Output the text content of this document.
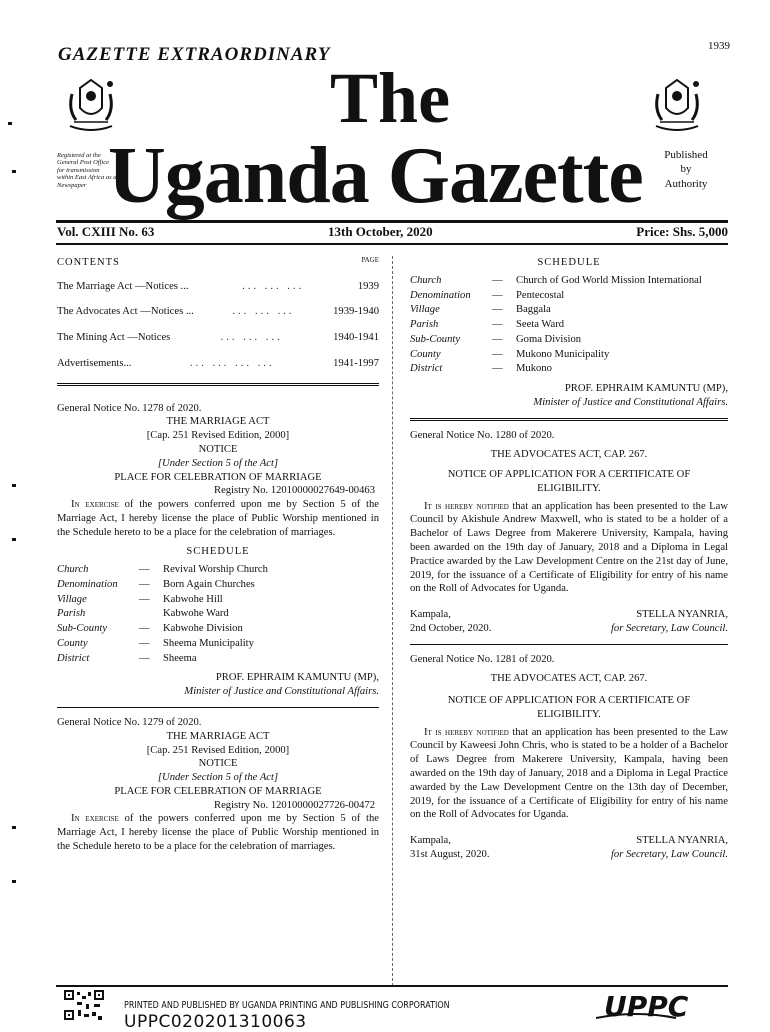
GAZETTE EXTRAORDINARY	1939
The
Uganda Gazette
Registered at the General Post Office for transmission within East Africa as a Newspaper
Published
by
Authority
Vol. CXIII No. 63	13th October, 2020	Price: Shs. 5,000
CONTENTS	PAGE
The Marriage Act —Notices ...	... ... ...	1939
The Advocates Act —Notices ...	... ... ...	1939-1940
The Mining Act —Notices	... ... ...	1940-1941
Advertisements...	... ... ... ...	1941-1997
General Notice No. 1278 of 2020.
THE MARRIAGE ACT
[Cap. 251 Revised Edition, 2000]
NOTICE
[Under Section 5 of the Act]
PLACE FOR CELEBRATION OF MARRIAGE
Registry No. 12010000027649-00463
In exercise of the powers conferred upon me by Section 5 of the Marriage Act, I hereby license the place of Public Worship mentioned in the Schedule hereto to be a place for the celebration of marriages.
SCHEDULE
Church	—	Revival Worship Church
Denomination	—	Born Again Churches
Village	—	Kabwohe Hill
Parish	Kabwohe Ward
Sub-County	—	Kabwohe Division
County	—	Sheema Municipality
District	—	Sheema
PROF. EPHRAIM KAMUNTU (MP),
Minister of Justice and Constitutional Affairs.
General Notice No. 1279 of 2020.
THE MARRIAGE ACT
[Cap. 251 Revised Edition, 2000]
NOTICE
[Under Section 5 of the Act]
PLACE FOR CELEBRATION OF MARRIAGE
Registry No. 12010000027726-00472
In exercise of the powers conferred upon me by Section 5 of the Marriage Act, I hereby license the place of Public Worship mentioned in the Schedule hereto to be a place for the celebration of marriages.
SCHEDULE
Church	—	Church of God World Mission International
Denomination	—	Pentecostal
Village	—	Baggala
Parish	—	Seeta Ward
Sub-County	—	Goma Division
County	—	Mukono Municipality
District	—	Mukono
PROF. EPHRAIM KAMUNTU (MP),
Minister of Justice and Constitutional Affairs.
General Notice No. 1280 of 2020.
THE ADVOCATES ACT, CAP. 267.
NOTICE OF APPLICATION FOR A CERTIFICATE OF ELIGIBILITY.
It is hereby notified that an application has been presented to the Law Council by Akishule Andrew Maxwell, who is stated to be a holder of a Bachelor of Laws Degree from Makerere University, Kampala, having been awarded on the 19th day of January, 2018 and a Diploma in Legal Practice awarded by the Law Development Centre on the 21st day of June, 2019, for the issuance of a Certificate of Eligibility for entry of his name on the Roll of Advocates for Uganda.
Kampala,
2nd October, 2020.
STELLA NYANRIA,
for Secretary, Law Council.
General Notice No. 1281 of 2020.
THE ADVOCATES ACT, CAP. 267.
NOTICE OF APPLICATION FOR A CERTIFICATE OF ELIGIBILITY.
It is hereby notified that an application has been presented to the Law Council by Kaweesi John Chris, who is stated to be a holder of a Bachelor of Laws Degree from Makerere University, Kampala, having been awarded on the 19th day of January, 2018 and a Diploma in Legal Practice awarded by the Law Development Centre on the 13th day of December, 2019, for the issuance of a Certificate of Eligibility for entry of his name on the Roll of Advocates for Uganda.
Kampala,
31st August, 2020.
STELLA NYANRIA,
for Secretary, Law Council.
PRINTED AND PUBLISHED BY UGANDA PRINTING AND PUBLISHING CORPORATION
UPPC020201310063	UPPC
